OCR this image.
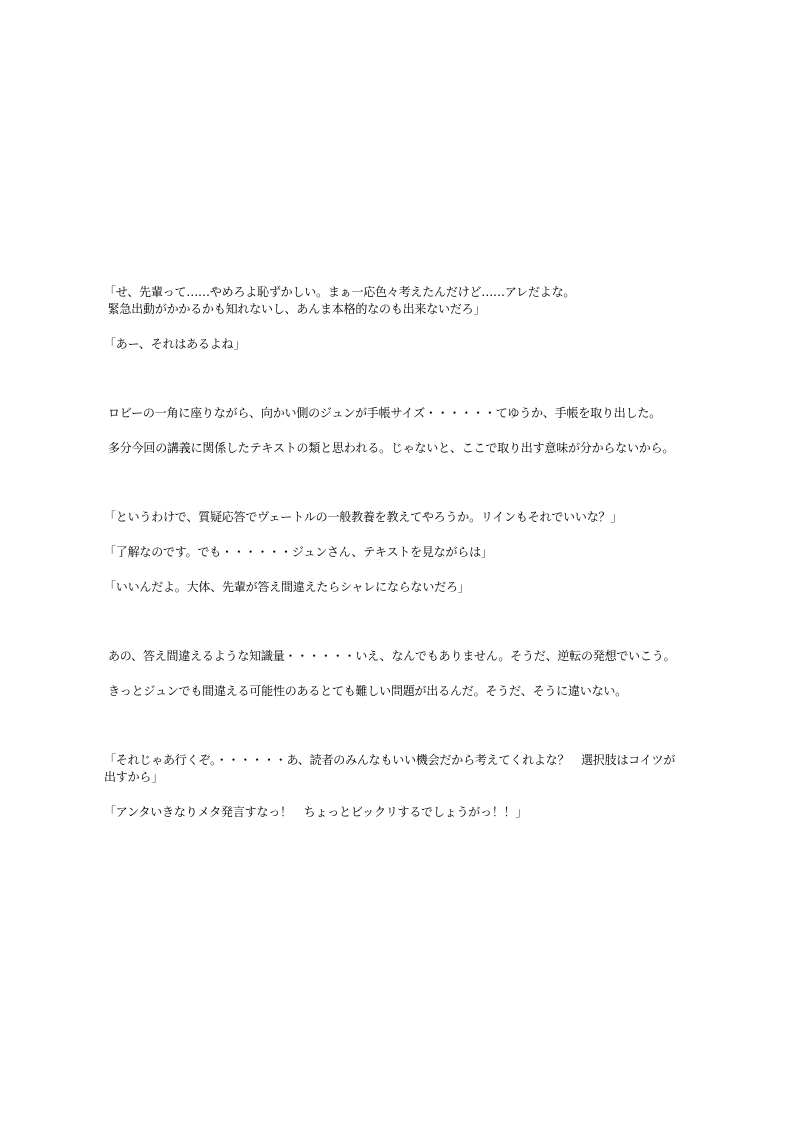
「せ、先輩って……やめろよ恥ずかしい。まぁ一応色々考えたんだけど……アレだよな。
緊急出動がかかるかも知れないし、あんま本格的なのも出来ないだろ」

「あー、それはあるよね」

ロビーの一角に座りながら、向かい側のジュンが手帳サイズ・・・・・・てゆうか、手帳を取り出した。

多分今回の講義に関係したテキストの類と思われる。じゃないと、ここで取り出す意味が分からないから。

「というわけで、質疑応答でヴェートルの一般教養を教えてやろうか。リインもそれでいいな？」

「了解なのです。でも・・・・・・ジュンさん、テキストを見ながらは」

「いいんだよ。大体、先輩が答え間違えたらシャレにならないだろ」

あの、答え間違えるような知識量・・・・・・いえ、なんでもありません。そうだ、逆転の発想でいこう。

きっとジュンでも間違える可能性のあるとても難しい問題が出るんだ。そうだ、そうに違いない。

「それじゃあ行くぞ。・・・・・・あ、読者のみんなもいい機会だから考えてくれよな？　選択肢はコイツが出すから」

「アンタいきなりメタ発言すなっ！　ちょっとビックリするでしょうがっ！！」
